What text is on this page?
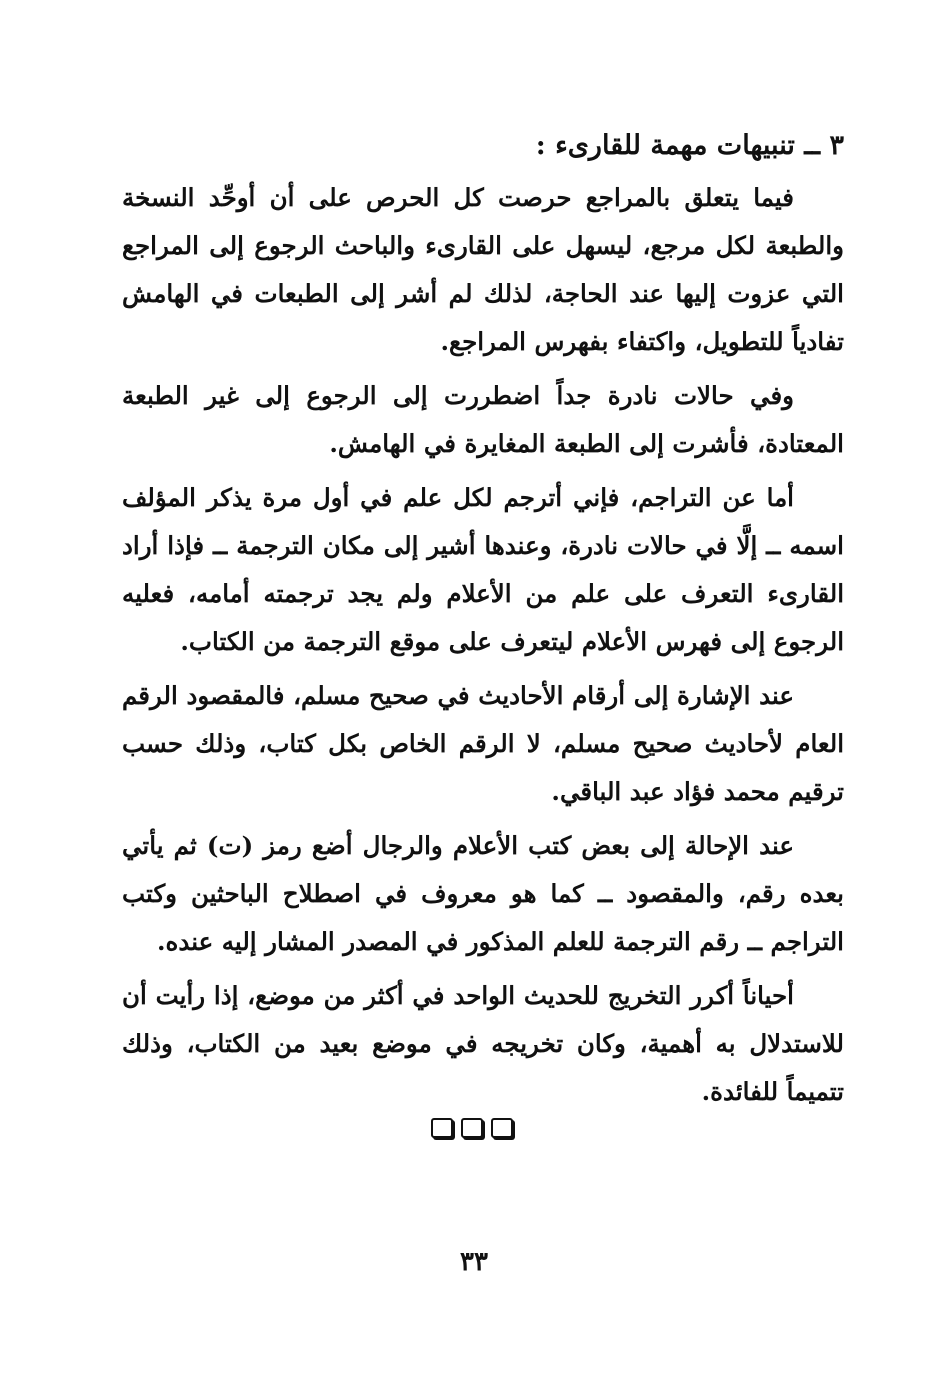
٣ ــ تنبيهات مهمة للقارىء :

فيما يتعلق بالمراجع حرصت كل الحرص على أن أوحِّد النسخة والطبعة لكل مرجع، ليسهل على القارىء والباحث الرجوع إلى المراجع التي عزوت إليها عند الحاجة، لذلك لم أشر إلى الطبعات في الهامش تفادياً للتطويل، واكتفاء بفهرس المراجع.

وفي حالات نادرة جداً اضطررت إلى الرجوع إلى غير الطبعة المعتادة، فأشرت إلى الطبعة المغايرة في الهامش.

أما عن التراجم، فإني أترجم لكل علم في أول مرة يذكر المؤلف اسمه ــ إلَّا في حالات نادرة، وعندها أشير إلى مكان الترجمة ــ فإذا أراد القارىء التعرف على علم من الأعلام ولم يجد ترجمته أمامه، فعليه الرجوع إلى فهرس الأعلام ليتعرف على موقع الترجمة من الكتاب.

عند الإشارة إلى أرقام الأحاديث في صحيح مسلم، فالمقصود الرقم العام لأحاديث صحيح مسلم، لا الرقم الخاص بكل كتاب، وذلك حسب ترقيم محمد فؤاد عبد الباقي.

عند الإحالة إلى بعض كتب الأعلام والرجال أضع رمز (ت) ثم يأتي بعده رقم، والمقصود ــ كما هو معروف في اصطلاح الباحثين وكتب التراجم ــ رقم الترجمة للعلم المذكور في المصدر المشار إليه عنده.

أحياناً أكرر التخريج للحديث الواحد في أكثر من موضع، إذا رأيت أن للاستدلال به أهمية، وكان تخريجه في موضع بعيد من الكتاب، وذلك تتميماً للفائدة.

٣٣
